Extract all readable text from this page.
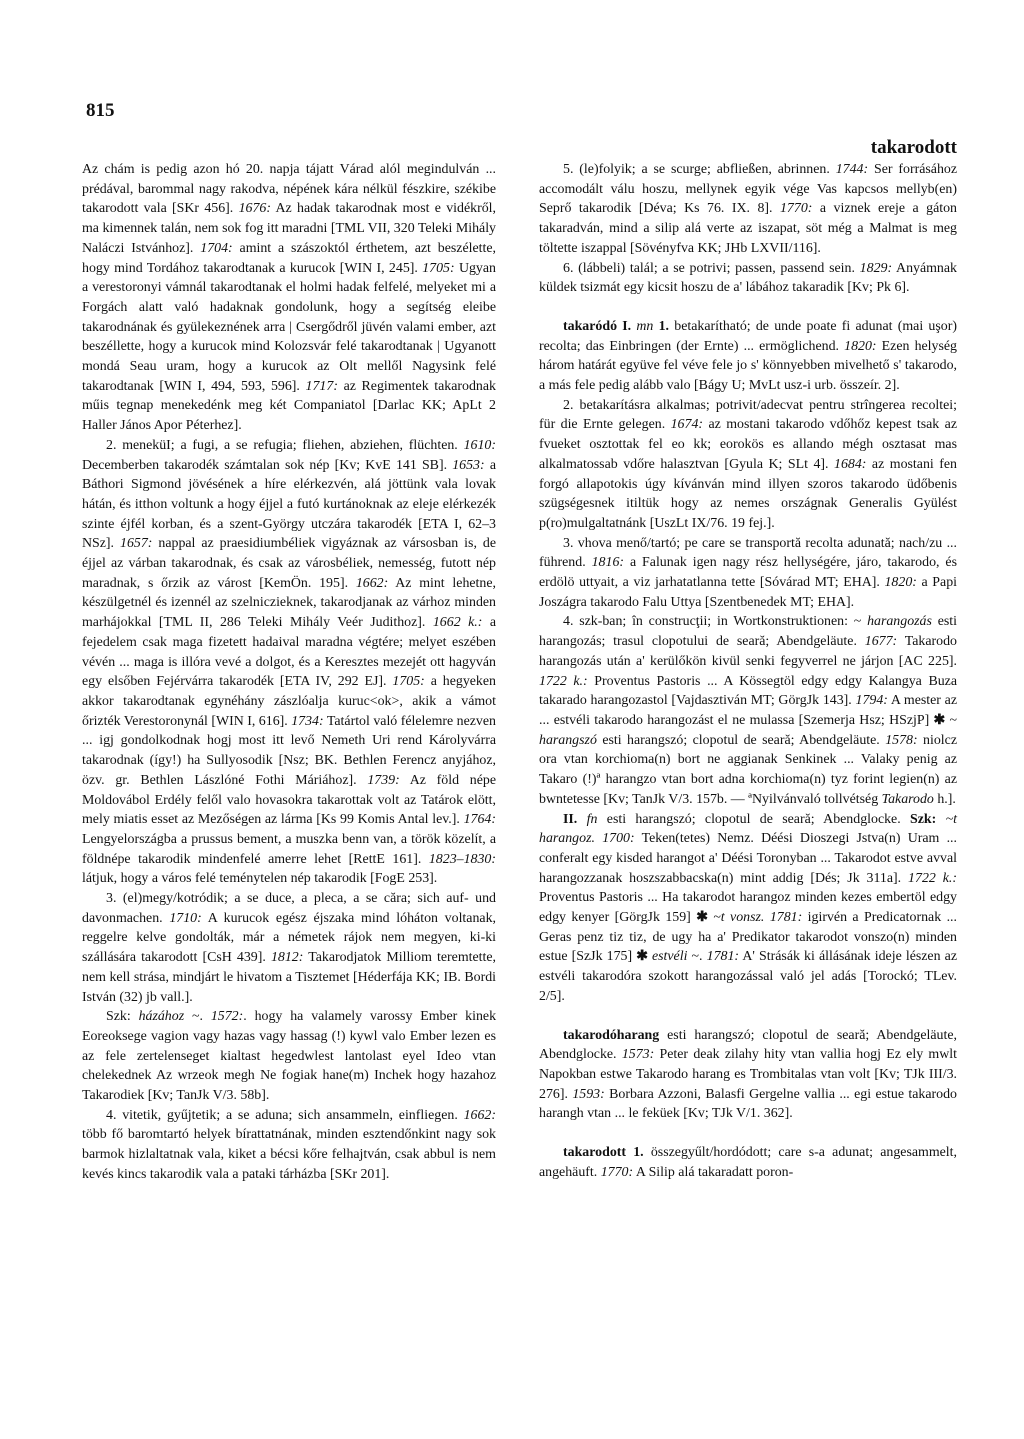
815
takarodott

Az chám is pedig azon hó 20. napja tájatt Várad alól megindulván ... prédával, barommal nagy rakodva, népének kára nélkül fészkire, székibe takarodott vala [SKr 456]. 1676: Az hadak takarodnak most e vidékről, ma kimennek talán, nem sok fog itt maradni [TML VII, 320 Teleki Mihály Naláczi Istvánhoz]. 1704: amint a szászoktól érthetem, azt beszélette, hogy mind Tordához takarodtanak a kurucok [WIN I, 245]. 1705: Ugyan a verestoronyi vámnál takarodtanak el holmi hadak felfelé, melyeket mi a Forgách alatt való hadaknak gondolunk, hogy a segítség eleibe takarodnának és gyülekeznének arra | Csergődről jüvén valami ember, azt beszéllette, hogy a kurucok mind Kolozsvár felé takarodtanak | Ugyanott mondá Seau uram, hogy a kurucok az Olt mellől Nagysink felé takarodtanak [WIN I, 494, 593, 596]. 1717: az Regimentek takarodnak műis tegnap menekedénk meg két Companiatol [Darlac KK; ApLt 2 Haller János Apor Péterhez].

2. meneküI; a fugi, a se refugia; fliehen, abziehen, flüchten. 1610: Decemberben takarodék számtalan sok nép [Kv; KvE 141 SB]. 1653: a Báthori Sigmond jövésének a híre elérkezvén, alá jöttünk vala lovak hátán, és itthon voltunk a hogy éjjel a futó kurtánoknak az eleje elérkezék szinte éjfél korban, és a szent-György utczára takarodék [ETA I, 62–3 NSz]. 1657: nappal az praesidiumbéliek vigyáznak az vársosban is, de éjjel az várban takarodnak, és csak az városbéliek, nemesség, futott nép maradnak, s őrzik az várost [KemÖn. 195]. 1662: Az mint lehetne, készülgetnél és izennél az szelniczieknek, takarodjanak az várhoz minden marhájokkal [TML II, 286 Teleki Mihály Veér Judithoz]. 1662 k.: a fejedelem csak maga fizetett hadaival maradna végtére; melyet eszében vévén ... maga is illóra vevé a dolgot, és a Keresztes mezejét ott hagyván egy elsőben Fejérvárra takarodék [ETA IV, 292 EJ]. 1705: a hegyeken akkor takarodtanak egynéhány zászlóalja kuruc<ok>, akik a vámot őrizték Verestoronynál [WIN I, 616]. 1734: Tatártol való félelemre nezven ... igj gondolkodnak hogj most itt levő Nemeth Uri rend Károlyvárra takarodnak (így!) ha Sullyosodik [Nsz; BK. Bethlen Ferencz anyjához, özv. gr. Bethlen Lászlóné Fothi Máriához]. 1739: Az föld népe Moldovábol Erdély felől valo hovasokra takarottak volt az Tatárok elött, mely miatis esset az Mezőségen az lárma [Ks 99 Komis Antal lev.]. 1764: Lengyelországba a prussus bement, a muszka benn van, a török közelít, a földnépe takarodik mindenfelé amerre lehet [RettE 161]. 1823–1830: látjuk, hogy a város felé teménytelen nép takarodik [FogE 253].

3. (el)megy/kotródik; a se duce, a pleca, a se căra; sich auf- und davonmachen. 1710: A kurucok egész éjszaka mind lóháton voltanak, reggelre kelve gondolták, már a németek rájok nem megyen, ki-ki szállására takarodott [CsH 439]. 1812: Takarodjatok Milliom teremtette, nem kell strása, mindjárt le hivatom a Tisztemet [Héderfája KK; IB. Bordi István (32) jb vall.].

Szk: házához ~. 1572:. hogy ha valamely varossy Ember kinek Eoreoksege vagion vagy hazas vagy hassag (!) kywl valo Ember lezen es az fele zertelenseget kialtast hegedwlest lantolast eyel Ideo vtan chelekednek Az wrzeok megh Ne fogiak hane(m) Inchek hogy hazahoz Takarodiek [Kv; TanJk V/3. 58b].

4. vitetik, gyűjtetik; a se aduna; sich ansammeln, einfliegen. 1662: több fő baromtartó helyek bírattatnának, minden esztendőnkint nagy sok barmok hizlaltatnak vala, kiket a bécsi kőre felhajtván, csak abbul is nem kevés kincs takarodik vala a pataki tárházba [SKr 201].

5. (le)folyik; a se scurge; abfließen, abrinnen. 1744: Ser forrásához accomodált válu hoszu, mellynek egyik vége Vas kapcsos mellyb(en) Seprő takarodik [Déva; Ks 76. IX. 8]. 1770: a viznek ereje a gáton takaradván, mind a silip alá verte az iszapat, söt még a Malmat is meg töltette iszappal [Sövényfva KK; JHb LXVII/116].

6. (lábbeli) talál; a se potrivi; passen, passend sein. 1829: Anyámnak küldek tsizmát egy kicsit hoszu de a' lábához takaradik [Kv; Pk 6].

takaródó I. mn 1. betakarítható; de unde poate fi adunat (mai uşor) recolta; das Einbringen (der Ernte) ... ermöglichend. 1820: Ezen helység három határát együve fel véve fele jo s' könnyebben mivelhető s' takarodo, a más fele pedig alább valo [Bágy U; MvLt usz-i urb. összeír. 2].

2. betakarításra alkalmas; potrivit/adecvat pentru strîngerea recoltei; für die Ernte gelegen. 1674: az mostani takarodo vdőhőz kepest tsak az fvueket osztottak fel eo kk; eorokös es allando mégh osztasat mas alkalmatossab vdőre halasztvan [Gyula K; SLt 4]. 1684: az mostani fen forgó allapotokis úgy kívánván mind illyen szoros takarodo üdőbenis szügségesnek itiltük hogy az nemes országnak Generalis Gyülést p(ro)mulgaltatnánk [UszLt IX/76. 19 fej.].

3. vhova menő/tartó; pe care se transportă recolta adunată; nach/zu ... führend. 1816: a Falunak igen nagy rész hellységére, járo, takarodo, és erdölö uttyait, a viz jarhatatlanna tette [Sóvárad MT; EHA]. 1820: a Papi Joszágra takarodo Falu Uttya [Szentbenedek MT; EHA].

4. szk-ban; în construcţii; in Wortkonstruktionen: ~ harangozás esti harangozás; trasul clopotului de seară; Abendgeläute. 1677: Takarodo harangozás után a' kerülőkön kivül senki fegyverrel ne járjon [AC 225]. 1722 k.: Proventus Pastoris ... A Kössegtöl edgy edgy Kalangya Buza takarado harangozastol [Vajdasztiván MT; GörgJk 143]. 1794: A mester az ... estvéli takarodo harangozást el ne mulassa [Szemerja Hsz; HSzjP] ✱ ~ harangszó esti harangszó; clopotul de seară; Abendgeläute. 1578: niolcz ora vtan korchioma(n) bort ne aggianak Senkinek ... Valaky penig az Takaro (!)ª harangzo vtan bort adna korchioma(n) tyz forint legien(n) az bwntetesse [Kv; TanJk V/3. 157b. — ªNyilvánvaló tollvétség Takarodo h.].

II. fn esti harangszó; clopotul de seară; Abendglocke. Szk: ~t harangoz. 1700: Teken(tetes) Nemz. Déési Dioszegi Jstva(n) Uram ... conferalt egy kisded harangot a' Déési Toronyban ... Takarodot estve avval harangozzanak hoszszabbacska(n) mint addig [Dés; Jk 311a]. 1722 k.: Proventus Pastoris ... Ha takarodot harangoz minden kezes embertöl edgy edgy kenyer [GörgJk 159] ✱ ~t vonsz. 1781: igirvén a Predicatornak ... Geras penz tiz tiz, de ugy ha a' Predikator takarodot vonszo(n) minden estue [SzJk 175] ✱ estvéli ~. 1781: A' Strásák ki állásának ideje lészen az estvéli takarodóra szokott harangozással való jel adás [Torockó; TLev. 2/5].

takarodóharang esti harangszó; clopotul de seară; Abendgeläute, Abendglocke. 1573: Peter deak zilahy hity vtan vallia hogj Ez ely mwlt Napokban estwe Takarodo harang es Trombitalas vtan volt [Kv; TJk III/3. 276]. 1593: Borbara Azzoni, Balasfi Gergelne vallia ... egi estue takarodo harangh vtan ... le feküek [Kv; TJk V/1. 362].

takarodott 1. összegyűlt/hordódott; care s-a adunat; angesammelt, angehäuft. 1770: A Silip alá takaradatt poron-
